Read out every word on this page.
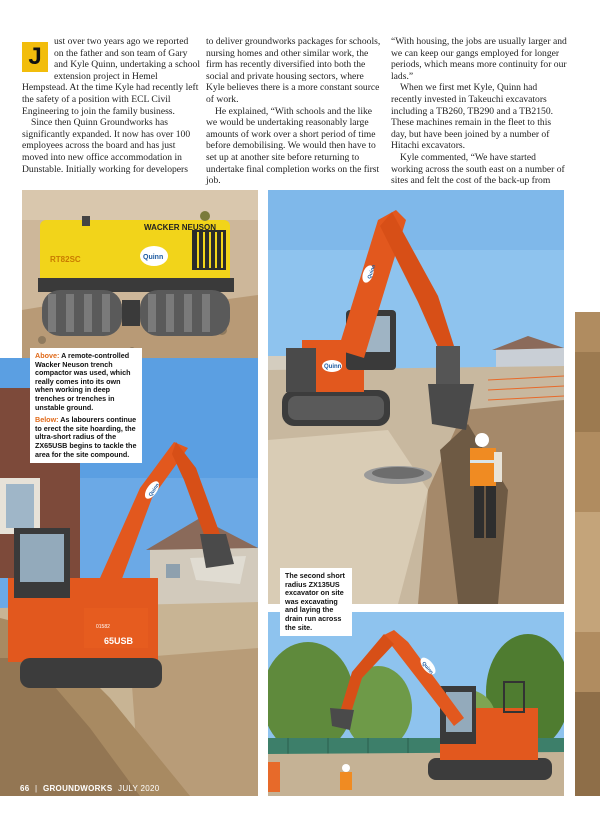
J

ust over two years ago we reported on the father and son team of Gary and Kyle Quinn, undertaking a school extension project in Hemel Hempstead. At the time Kyle had recently left the safety of a position with ECL Civil Engineering to join the family business.

Since then Quinn Groundworks has significantly expanded. It now has over 100 employees across the board and has just moved into new office accommodation in Dunstable. Initially working for developers

to deliver groundworks packages for schools, nursing homes and other similar work, the firm has recently diversified into both the social and private housing sectors, where Kyle believes there is a more constant source of work.

He explained, “With schools and the like we would be undertaking reasonably large amounts of work over a short period of time before demobilising. We would then have to set up at another site before returning to undertake final completion works on the first job.

“With housing, the jobs are usually larger and we can keep our gangs employed for longer periods, which means more continuity for our lads.”

When we first met Kyle, Quinn had recently invested in Takeuchi excavators including a TB260, TB290 and a TB2150. These machines remain in the fleet to this day, but have been joined by a number of Hitachi excavators.

Kyle commented, “We have started working across the south east on a number of sites and felt the cost of the back-up from

WACKER NEUSON
RT82SC	Quinn
Quinn
Quinn
01582
65USB
Quinn
Quinn
Above: A remote-controlled Wacker Neuson trench compactor was used, which really comes into its own when working in deep trenches or trenches in unstable ground.
Below: As labourers continue to erect the site hoarding, the ultra-short radius of the ZX65USB begins to tackle the area for the site compound.
The second short radius ZX135US excavator on site was excavating and laying the drain run across the site.
66 | GROUNDWORKS JULY 2020
